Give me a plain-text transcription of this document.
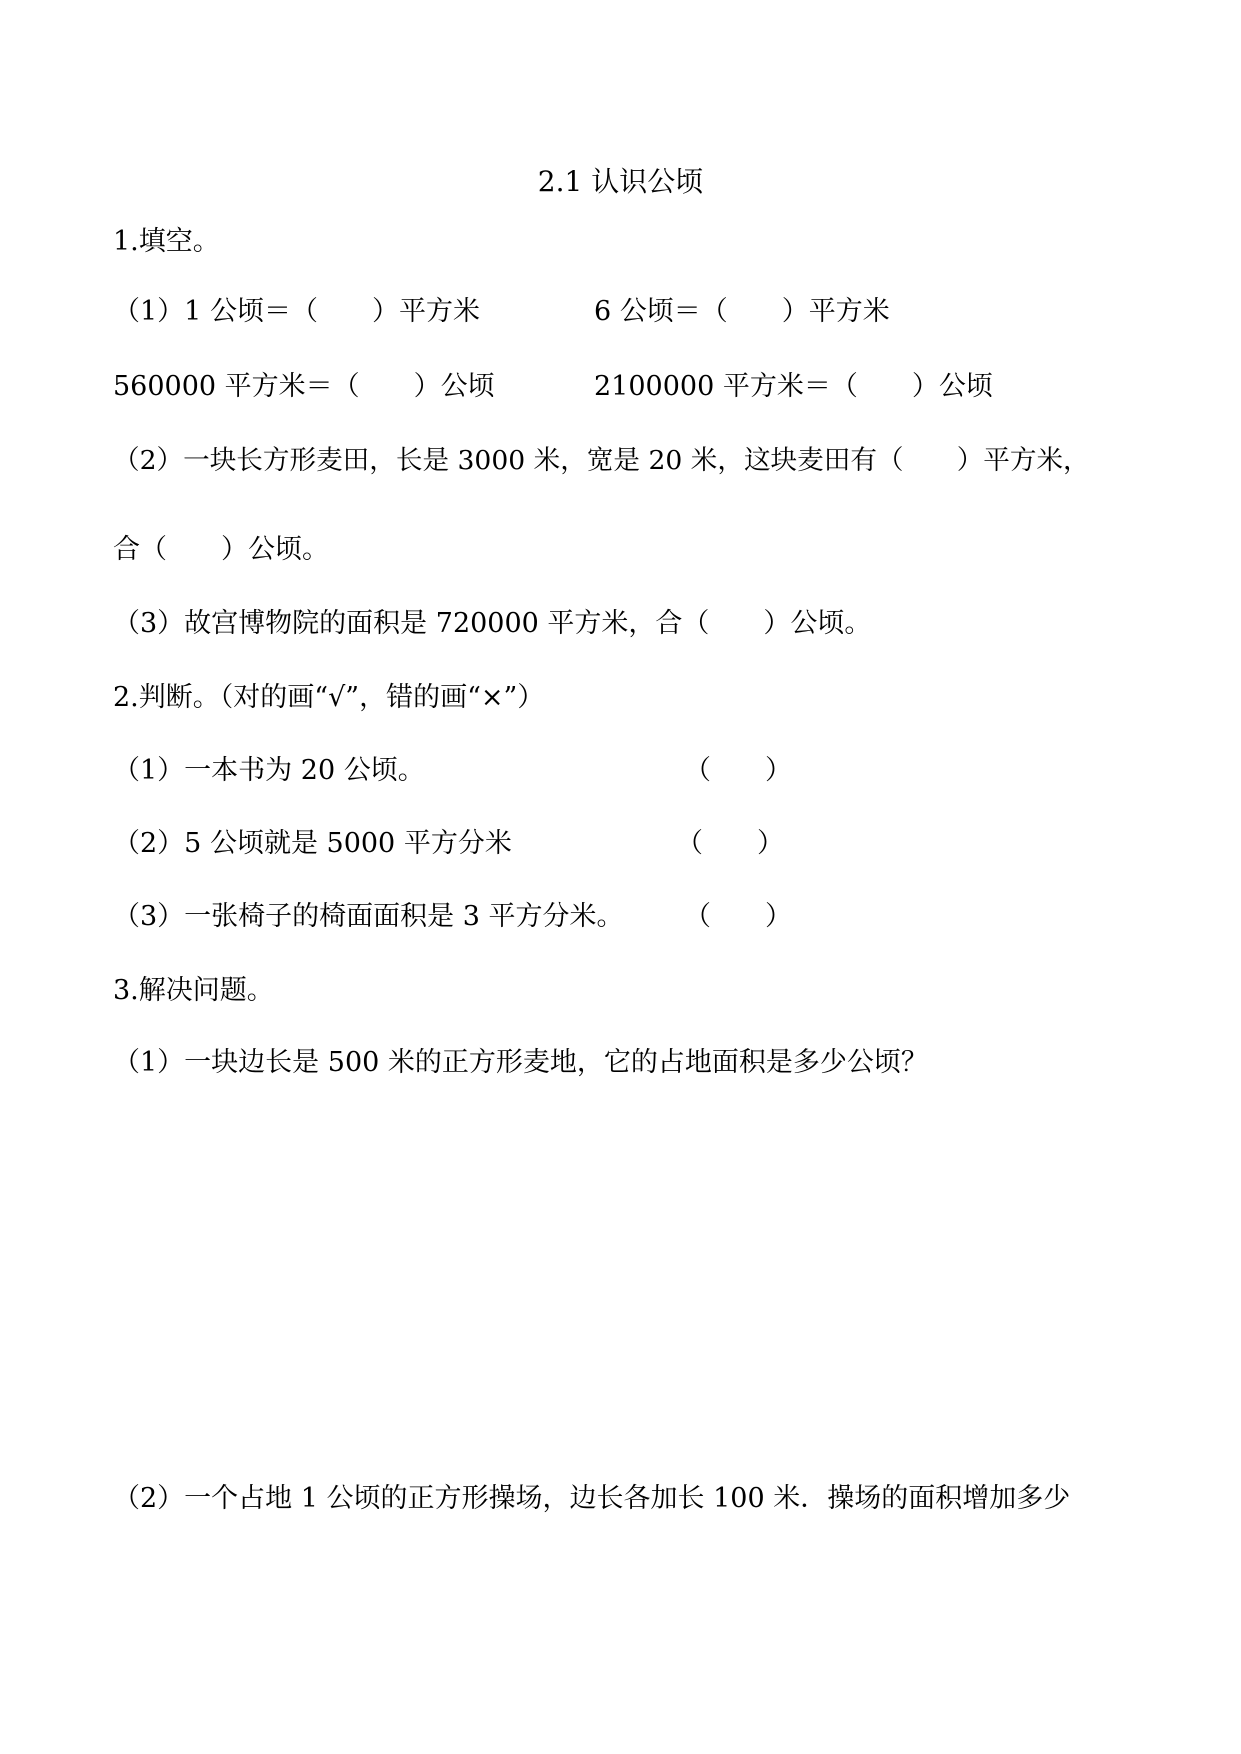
2.1 认识公顷
1.填空。
（1）1 公顷＝（　　）平方米	6 公顷＝（　　）平方米
560000 平方米＝（　　）公顷	2100000 平方米＝（　　）公顷
（2）一块长方形麦田，长是 3000 米，宽是 20 米，这块麦田有（　　）平方米，
合（　　）公顷。
（3）故宫博物院的面积是 720000 平方米，合（　　）公顷。
2.判断。（对的画“√”，错的画“×”）
（1）一本书为 20 公顷。	（　　）
（2）5 公顷就是 5000 平方分米	（　　）
（3）一张椅子的椅面面积是 3 平方分米。 （　　）
3.解决问题。
（1）一块边长是 500 米的正方形麦地，它的占地面积是多少公顷？
（2）一个占地 1 公顷的正方形操场，边长各加长 100 米．操场的面积增加多少
